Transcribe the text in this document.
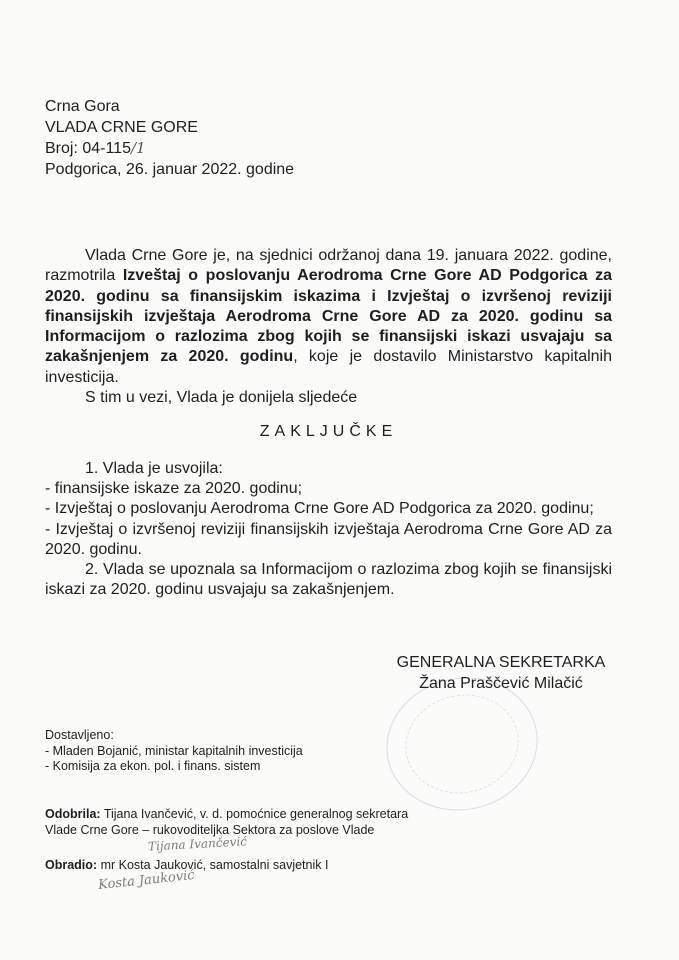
Crna Gora
VLADA CRNE GORE
Broj: 04-115/1
Podgorica, 26. januar 2022. godine

Vlada Crne Gore je, na sjednici održanoj dana 19. januara 2022. godine, razmotrila Izveštaj o poslovanju Aerodroma Crne Gore AD Podgorica za 2020. godinu sa finansijskim iskazima i Izvještaj o izvršenoj reviziji finansijskih izvještaja Aerodroma Crne Gore AD za 2020. godinu sa Informacijom o razlozima zbog kojih se finansijski iskazi usvajaju sa zakašnjenjem za 2020. godinu, koje je dostavilo Ministarstvo kapitalnih investicija.

S tim u vezi, Vlada je donijela sljedeće

ZAKLJUČKE

1. Vlada je usvojila:

- finansijske iskaze za 2020. godinu;

- Izvještaj o poslovanju Aerodroma Crne Gore AD Podgorica za 2020. godinu;

- Izvještaj o izvršenoj reviziji finansijskih izvještaja Aerodroma Crne Gore AD za 2020. godinu.

2. Vlada se upoznala sa Informacijom o razlozima zbog kojih se finansijski iskazi za 2020. godinu usvajaju sa zakašnjenjem.

GENERALNA SEKRETARKA
Žana Praščević Milačić
Dostavljeno:
- Mladen Bojanić, ministar kapitalnih investicija
- Komisija za ekon. pol. i finans. sistem
Odobrila: Tijana Ivančević, v. d. pomoćnice generalnog sekretara
Vlade Crne Gore – rukovoditeljka Sektora za poslove Vlade
Tijana Ivančević
Obradio: mr Kosta Jauković, samostalni savjetnik I
Kosta Jauković
